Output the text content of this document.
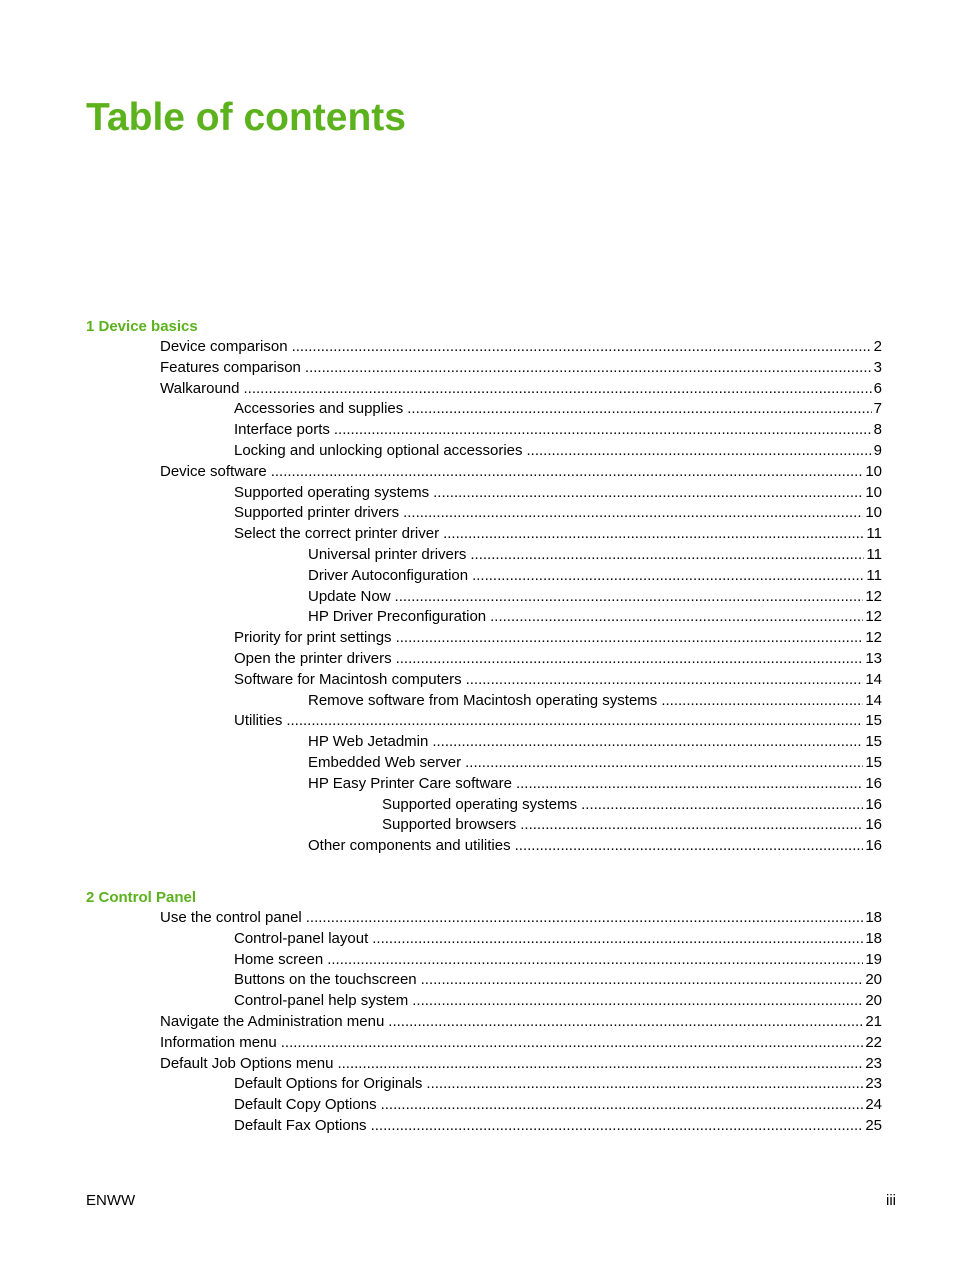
Table of contents
1 Device basics
Device comparison .....	2
Features comparison .....	3
Walkaround .....	6
Accessories and supplies .....	7
Interface ports .....	8
Locking and unlocking optional accessories .....	9
Device software .....	10
Supported operating systems .....	10
Supported printer drivers .....	10
Select the correct printer driver .....	11
Universal printer drivers .....	11
Driver Autoconfiguration .....	11
Update Now .....	12
HP Driver Preconfiguration .....	12
Priority for print settings .....	12
Open the printer drivers .....	13
Software for Macintosh computers .....	14
Remove software from Macintosh operating systems .....	14
Utilities .....	15
HP Web Jetadmin .....	15
Embedded Web server .....	15
HP Easy Printer Care software .....	16
Supported operating systems .....	16
Supported browsers .....	16
Other components and utilities .....	16
2 Control Panel
Use the control panel .....	18
Control-panel layout .....	18
Home screen .....	19
Buttons on the touchscreen .....	20
Control-panel help system .....	20
Navigate the Administration menu .....	21
Information menu .....	22
Default Job Options menu .....	23
Default Options for Originals .....	23
Default Copy Options .....	24
Default Fax Options .....	25
ENWW	iii
